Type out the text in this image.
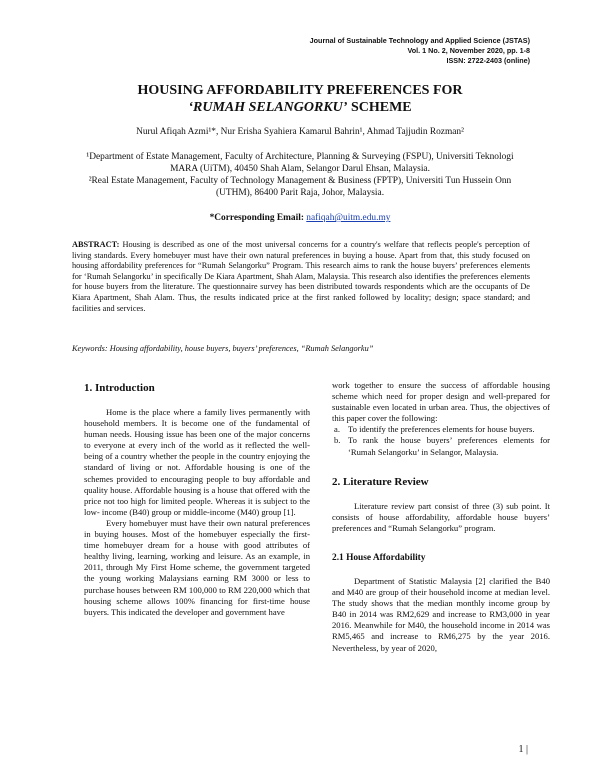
Journal of Sustainable Technology and Applied Science (JSTAS)
Vol. 1 No. 2, November 2020, pp. 1-8
ISSN: 2722-2403 (online)
HOUSING AFFORDABILITY PREFERENCES FOR
‘RUMAH SELANGORKU’ SCHEME
Nurul Afiqah Azmi¹*, Nur Erisha Syahiera Kamarul Bahrin¹, Ahmad Tajjudin Rozman²
¹Department of Estate Management, Faculty of Architecture, Planning & Surveying (FSPU), Universiti Teknologi MARA (UiTM), 40450 Shah Alam, Selangor Darul Ehsan, Malaysia.
²Real Estate Management, Faculty of Technology Management & Business (FPTP), Universiti Tun Hussein Onn (UTHM), 86400 Parit Raja, Johor, Malaysia.
*Corresponding Email: nafiqah@uitm.edu.my
ABSTRACT: Housing is described as one of the most universal concerns for a country's welfare that reflects people's perception of living standards. Every homebuyer must have their own natural preferences in buying a house. Apart from that, this study focused on housing affordability preferences for “Rumah Selangorku” Program. This research aims to rank the house buyers’ preferences elements for ‘Rumah Selangorku’ in specifically De Kiara Apartment, Shah Alam, Malaysia. This research also identifies the preferences elements for house buyers from the literature. The questionnaire survey has been distributed towards respondents which are the occupants of De Kiara Apartment, Shah Alam. Thus, the results indicated price at the first ranked followed by locality; design; space standard; and facilities and services.
Keywords: Housing affordability, house buyers, buyers’ preferences, “Rumah Selangorku”
1. Introduction

Home is the place where a family lives permanently with household members. It is become one of the fundamental of human needs. Housing issue has been one of the major concerns to everyone at every inch of the world as it reflected the well-being of a country whether the people in the country enjoying the standard of living or not. Affordable housing is one of the schemes provided to encouraging people to buy affordable and quality house. Affordable housing is a house that offered with the price not too high for limited people. Whereas it is subject to the low- income (B40) group or middle-income (M40) group [1].

Every homebuyer must have their own natural preferences in buying houses. Most of the homebuyer especially the first-time homebuyer dream for a house with good attributes of healthy living, learning, working and leisure. As an example, in 2011, through My First Home scheme, the government targeted the young working Malaysians earning RM 3000 or less to purchase houses between RM 100,000 to RM 220,000 which that housing scheme allows 100% financing for first-time house buyers. This indicated the developer and government have

work together to ensure the success of affordable housing scheme which need for proper design and well-prepared for sustainable even located in urban area. Thus, the objectives of this paper cover the following:

a. To identify the preferences elements for house buyers.
b. To rank the house buyers’ preferences elements for ‘Rumah Selangorku’ in Selangor, Malaysia.
2. Literature Review

Literature review part consist of three (3) sub point. It consists of house affordability, affordable house buyers’ preferences and “Rumah Selangorku” program.

2.1 House Affordability

Department of Statistic Malaysia [2] clarified the B40 and M40 are group of their household income at median level. The study shows that the median monthly income group by B40 in 2014 was RM2,629 and increase to RM3,000 in year 2016. Meanwhile for M40, the household income in 2014 was RM5,465 and increase to RM6,275 by the year 2016. Nevertheless, by year of 2020,

1 |
